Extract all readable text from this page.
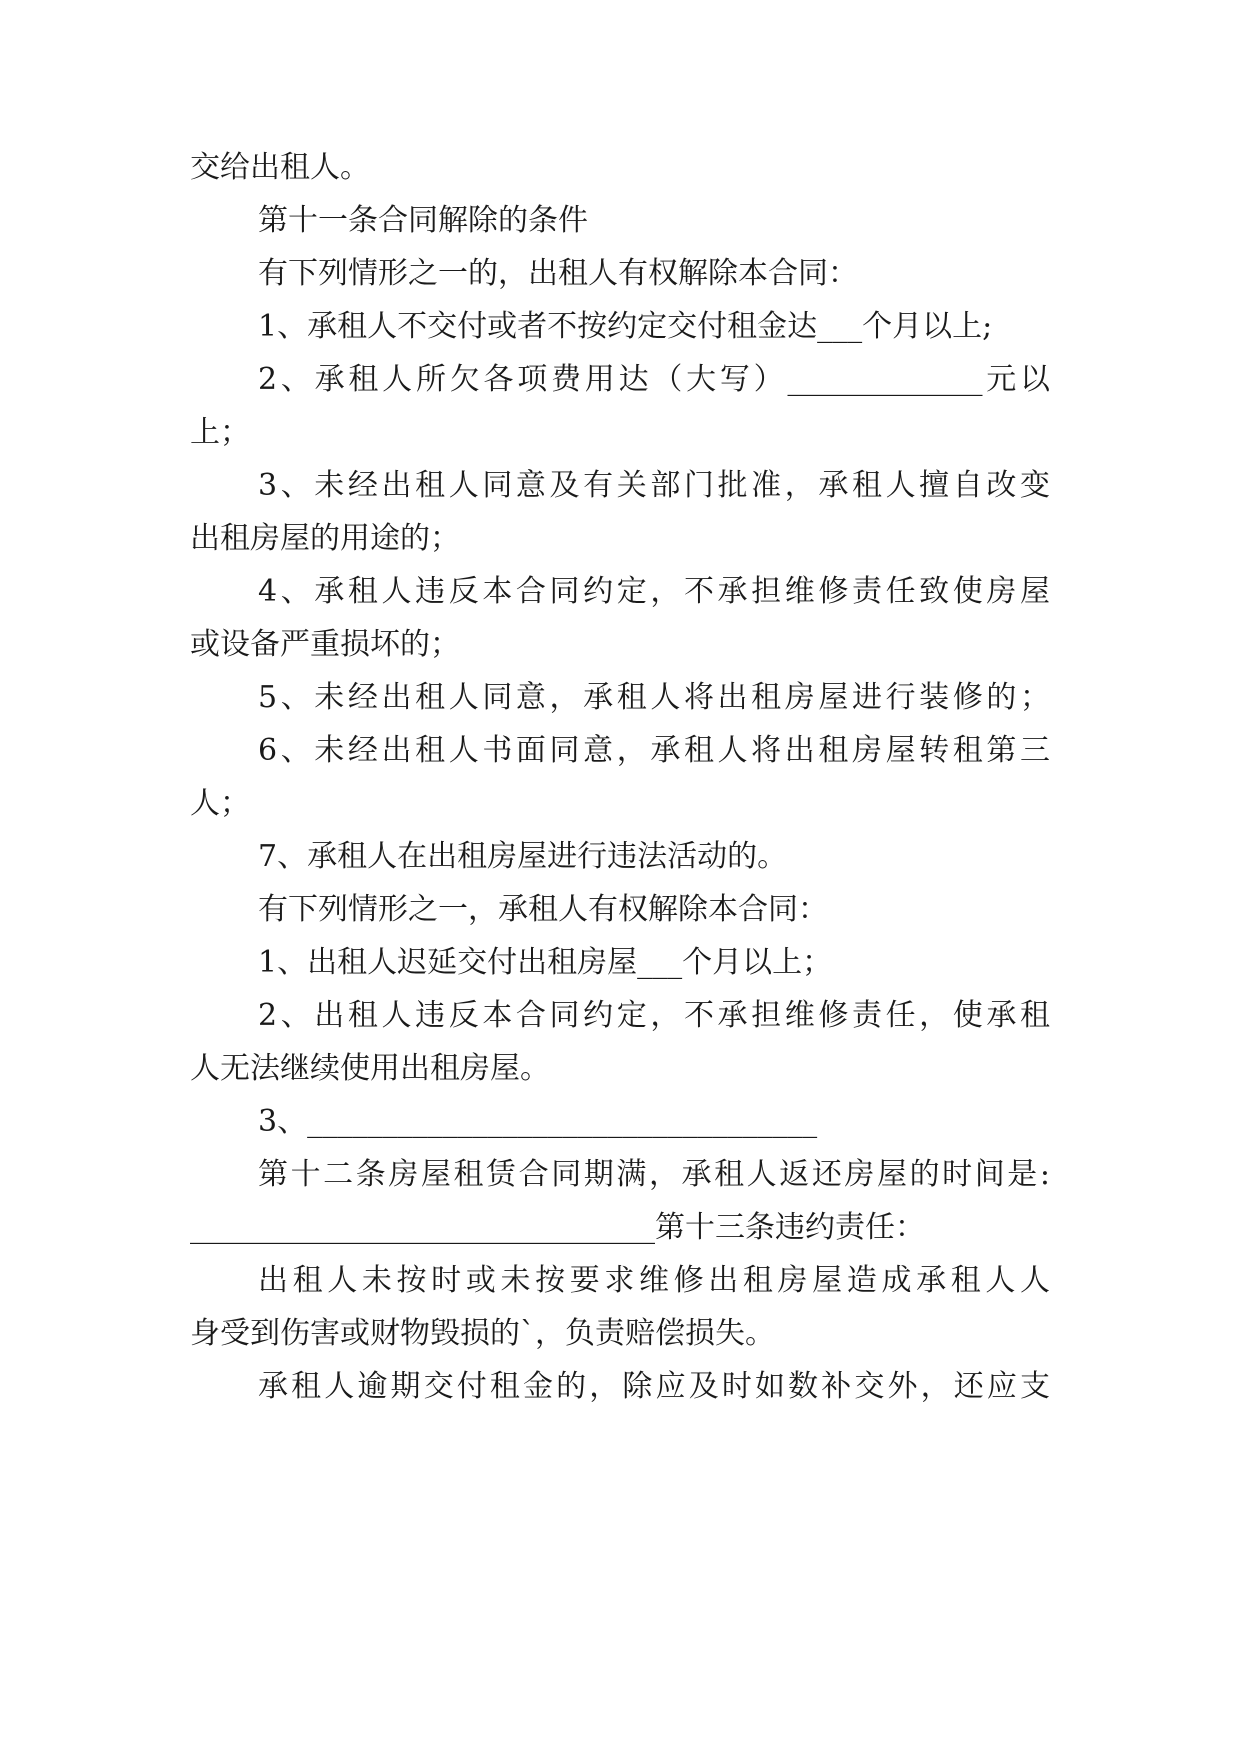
交给出租人。
第十一条合同解除的条件
有下列情形之一的，出租人有权解除本合同：
1、承租人不交付或者不按约定交付租金达___个月以上;
2、承租人所欠各项费用达（大写）_____________元以
上；
3、未经出租人同意及有关部门批准，承租人擅自改变
出租房屋的用途的；
4、承租人违反本合同约定，不承担维修责任致使房屋
或设备严重损坏的；
5、未经出租人同意，承租人将出租房屋进行装修的；
6、未经出租人书面同意，承租人将出租房屋转租第三
人；
7、承租人在出租房屋进行违法活动的。
有下列情形之一，承租人有权解除本合同：
1、出租人迟延交付出租房屋___个月以上；
2、出租人违反本合同约定，不承担维修责任，使承租
人无法继续使用出租房屋。
3、__________________________________
第十二条房屋租赁合同期满，承租人返还房屋的时间是:
_______________________________第十三条违约责任：
出租人未按时或未按要求维修出租房屋造成承租人人
身受到伤害或财物毁损的`，负责赔偿损失。
承租人逾期交付租金的，除应及时如数补交外，还应支
